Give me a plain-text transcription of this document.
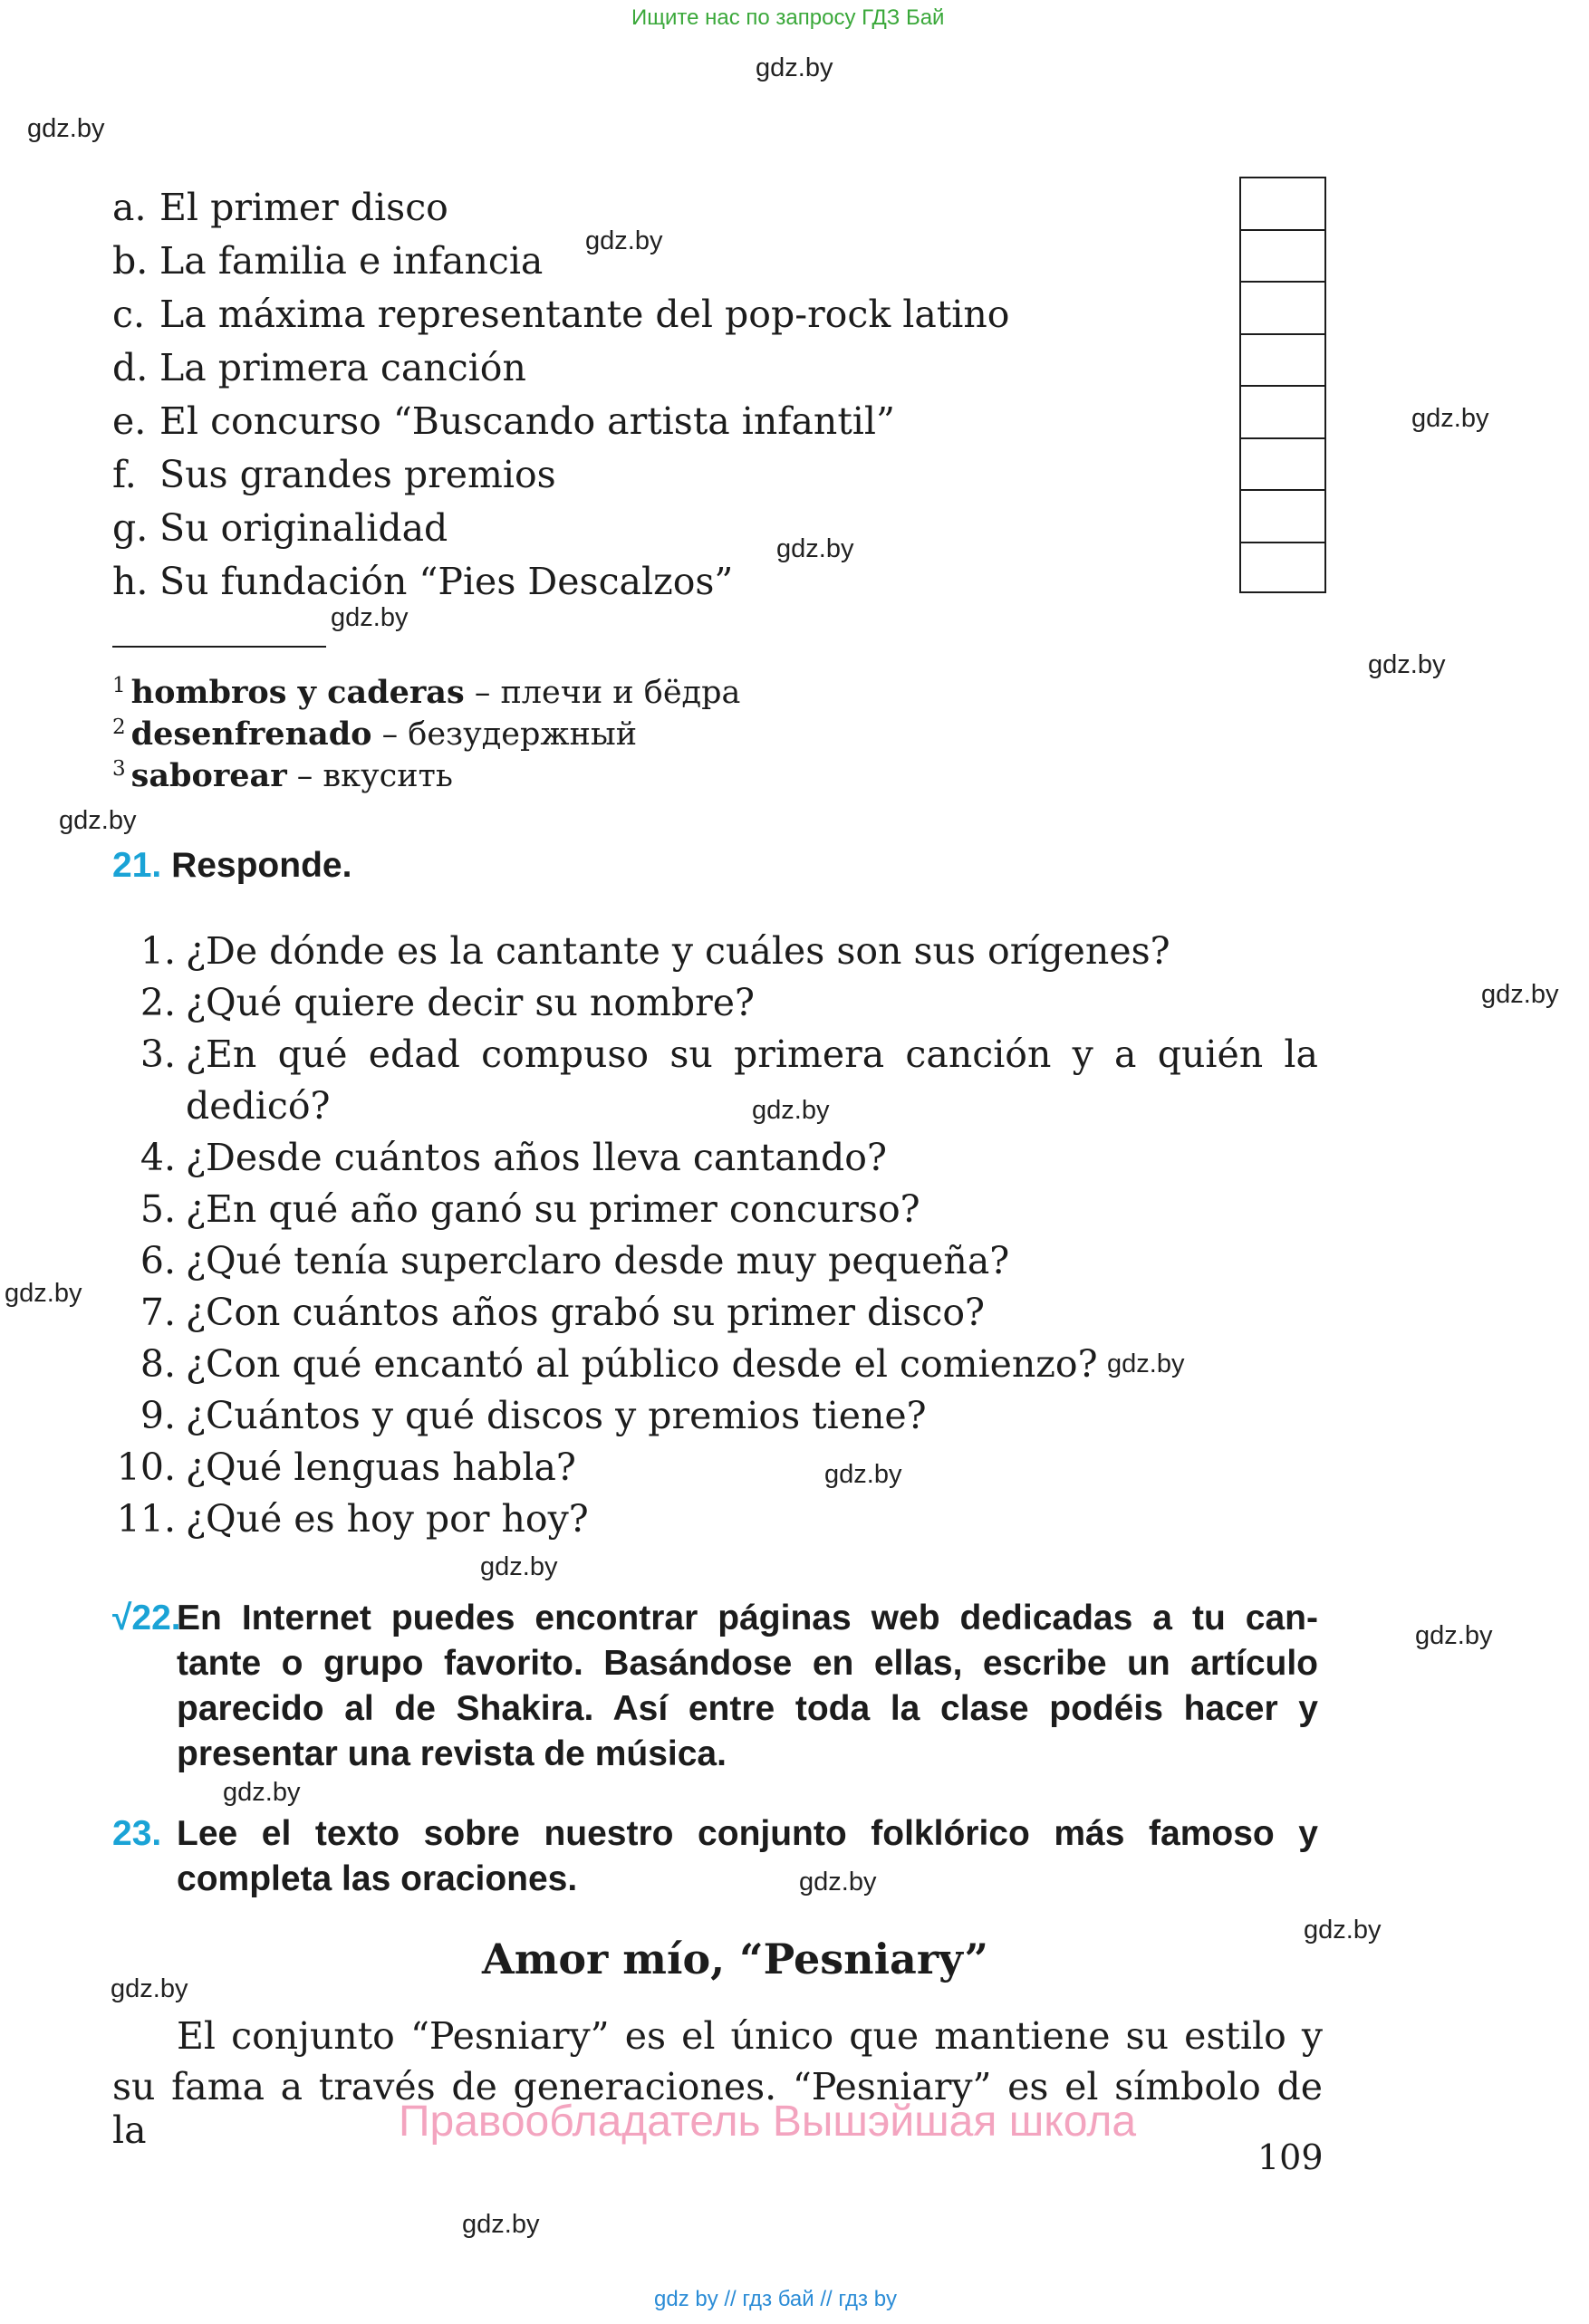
Ищите нас по запросу ГДЗ Бай
gdz by // гдз бай // гдз by
gdz.by
gdz.by
gdz.by
gdz.by
gdz.by
gdz.by
gdz.by
gdz.by
gdz.by
gdz.by
gdz.by
gdz.by
gdz.by
gdz.by
gdz.by
gdz.by
gdz.by
gdz.by
gdz.by
gdz.by
a. El primer disco
b. La familia e infancia
c. La máxima representante del pop-rock latino
d. La primera canción
e. El concurso “Buscando artista infantil”
f. Sus grandes premios
g. Su originalidad
h. Su fundación “Pies Descalzos”
$^1$ hombros y caderas – плечи и бёдра
$^2$ desenfrenado – безудержный
$^3$ saborear – вкусить
21. Responde.
1. ¿De dónde es la cantante y cuáles son sus orígenes?
2. ¿Qué quiere decir su nombre?
3. ¿En qué edad compuso su primera canción y a quién la
dedicó?
4. ¿Desde cuántos años lleva cantando?
5. ¿En qué año ganó su primer concurso?
6. ¿Qué tenía superclaro desde muy pequeña?
7. ¿Con cuántos años grabó su primer disco?
8. ¿Con qué encantó al público desde el comienzo?
9. ¿Cuántos y qué discos y premios tiene?
10. ¿Qué lenguas habla?
11. ¿Qué es hoy por hoy?
√22.
En Internet puedes encontrar páginas web dedicadas a tu can-
tante o grupo favorito. Basándose en ellas, escribe un artículo
parecido al de Shakira. Así entre toda la clase podéis hacer y
presentar una revista de música.
23. Lee el texto sobre nuestro conjunto folklórico más famoso y
completa las oraciones.
Amor mío, “Pesniary”
El conjunto “Pesniary” es el único que mantiene su estilo y
su fama a través de generaciones. “Pesniary” es el símbolo de la	Правообладатель Вышэйшая школа
109
